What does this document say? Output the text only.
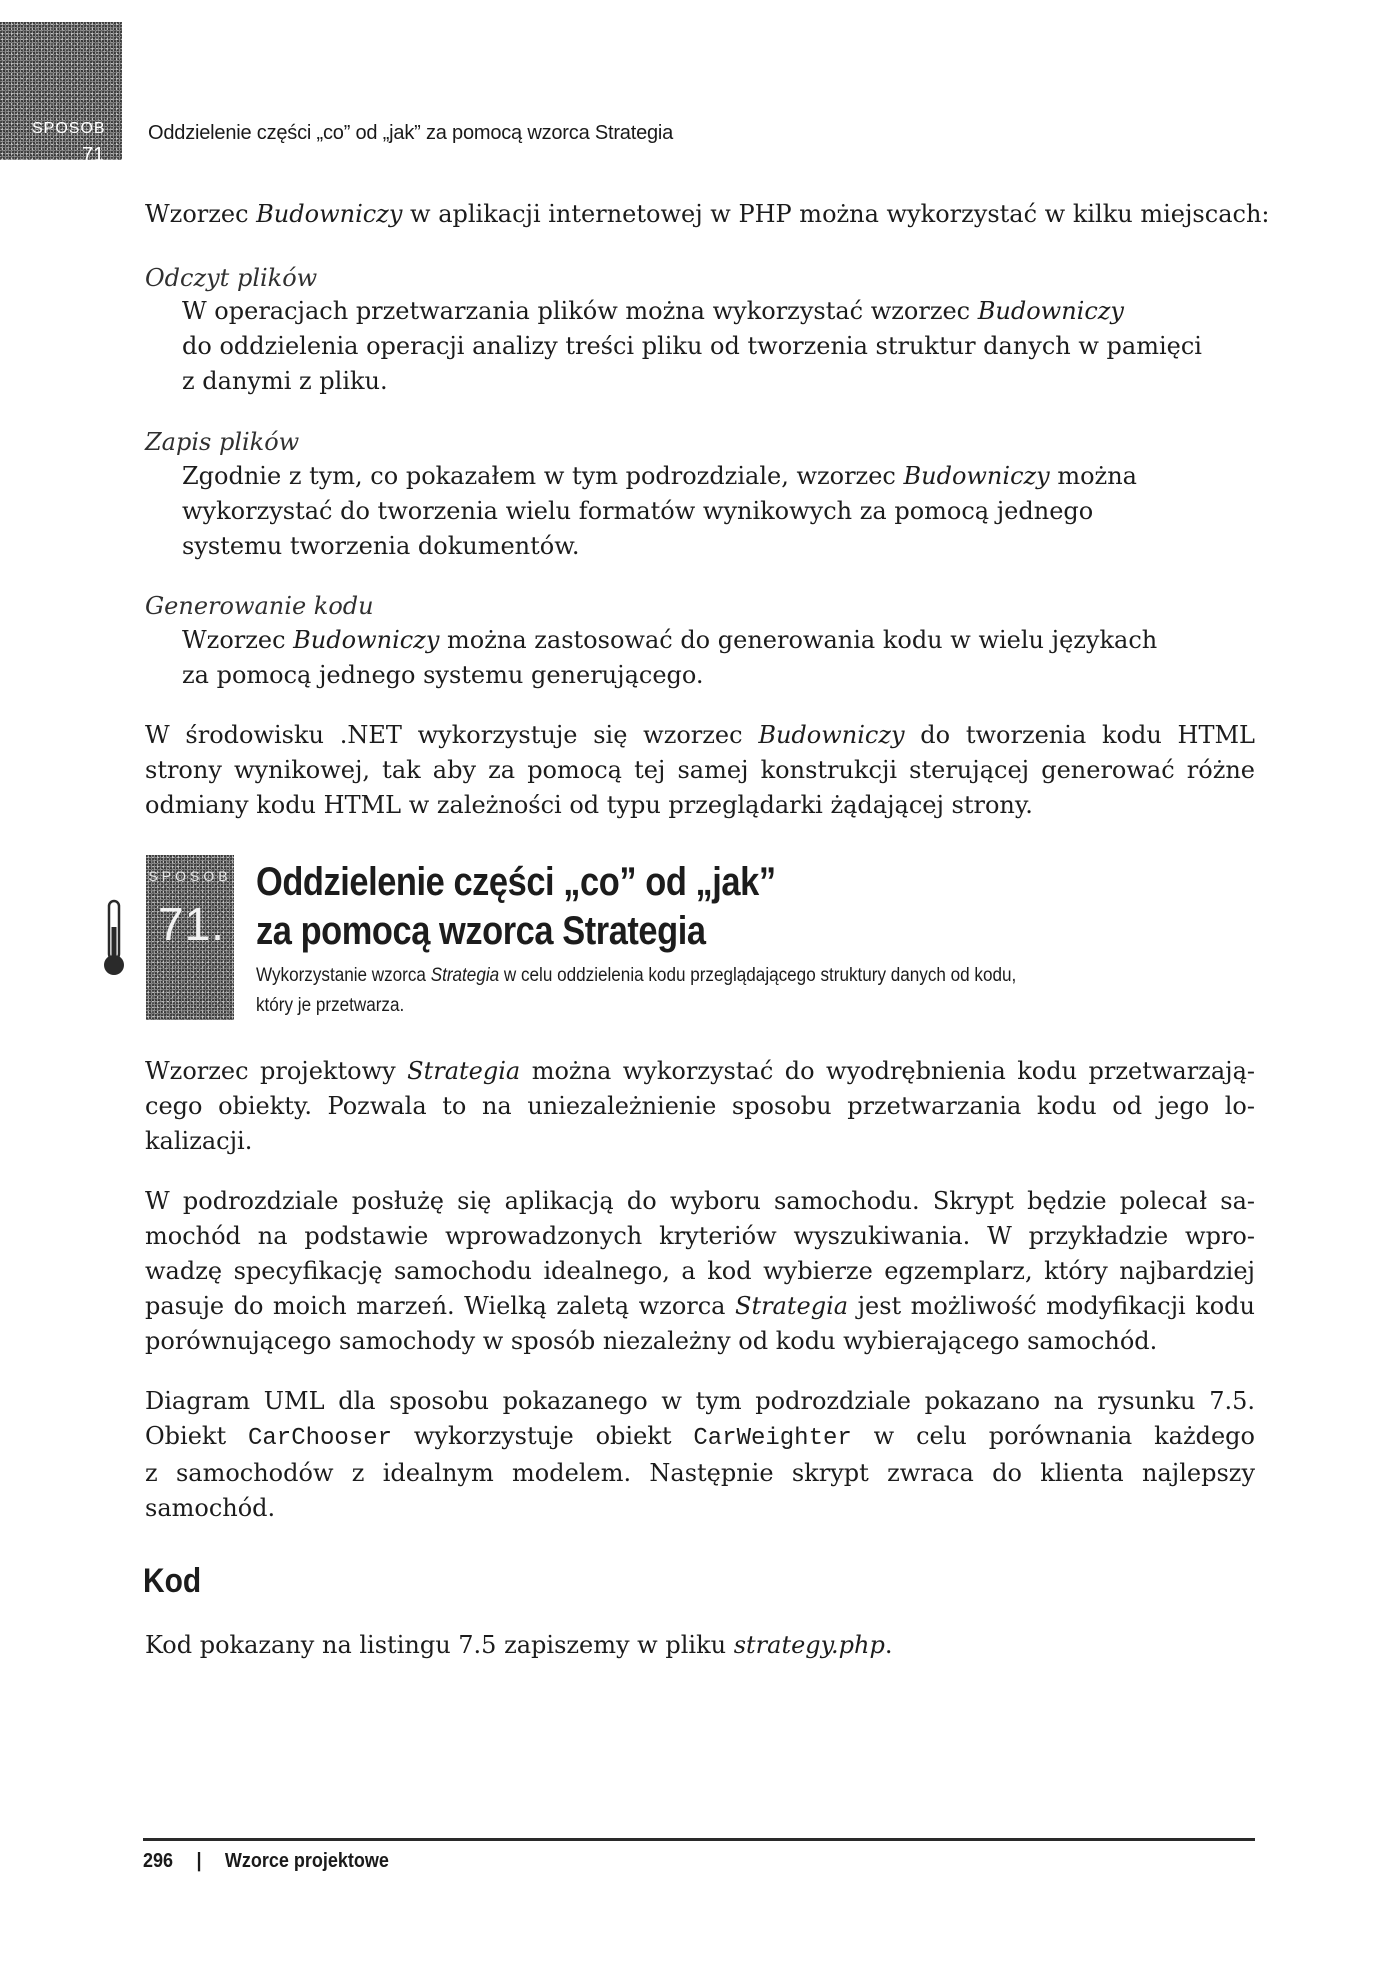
SPOSOB
71
Oddzielenie części „co” od „jak” za pomocą wzorca Strategia

Wzorzec Budowniczy w aplikacji internetowej w PHP można wykorzystać w kilku miejscach:

Odczyt plików

W operacjach przetwarzania plików można wykorzystać wzorzec Budowniczy
do oddzielenia operacji analizy treści pliku od tworzenia struktur danych w pamięci
z danymi z pliku.

Zapis plików

Zgodnie z tym, co pokazałem w tym podrozdziale, wzorzec Budowniczy można
wykorzystać do tworzenia wielu formatów wynikowych za pomocą jednego
systemu tworzenia dokumentów.

Generowanie kodu

Wzorzec Budowniczy można zastosować do generowania kodu w wielu językach
za pomocą jednego systemu generującego.

W środowisku .NET wykorzystuje się wzorzec Budowniczy do tworzenia kodu HTML
strony wynikowej, tak aby za pomocą tej samej konstrukcji sterującej generować różne
odmiany kodu HTML w zależności od typu przeglądarki żądającej strony.

SPOSOB
71.
Oddzielenie części „co” od „jak”
za pomocą wzorca Strategia
Wykorzystanie wzorca Strategia w celu oddzielenia kodu przeglądającego struktury danych od kodu,
który je przetwarza.

Wzorzec projektowy Strategia można wykorzystać do wyodrębnienia kodu przetwarzają-
cego obiekty. Pozwala to na uniezależnienie sposobu przetwarzania kodu od jego lo-
kalizacji.

W podrozdziale posłużę się aplikacją do wyboru samochodu. Skrypt będzie polecał sa-
mochód na podstawie wprowadzonych kryteriów wyszukiwania. W przykładzie wpro-
wadzę specyfikację samochodu idealnego, a kod wybierze egzemplarz, który najbardziej
pasuje do moich marzeń. Wielką zaletą wzorca Strategia jest możliwość modyfikacji kodu
porównującego samochody w sposób niezależny od kodu wybierającego samochód.

Diagram UML dla sposobu pokazanego w tym podrozdziale pokazano na rysunku 7.5.
Obiekt CarChooser wykorzystuje obiekt CarWeighter w celu porównania każdego
z samochodów z idealnym modelem. Następnie skrypt zwraca do klienta najlepszy
samochód.

Kod

Kod pokazany na listingu 7.5 zapiszemy w pliku strategy.php.

296 | Wzorce projektowe
